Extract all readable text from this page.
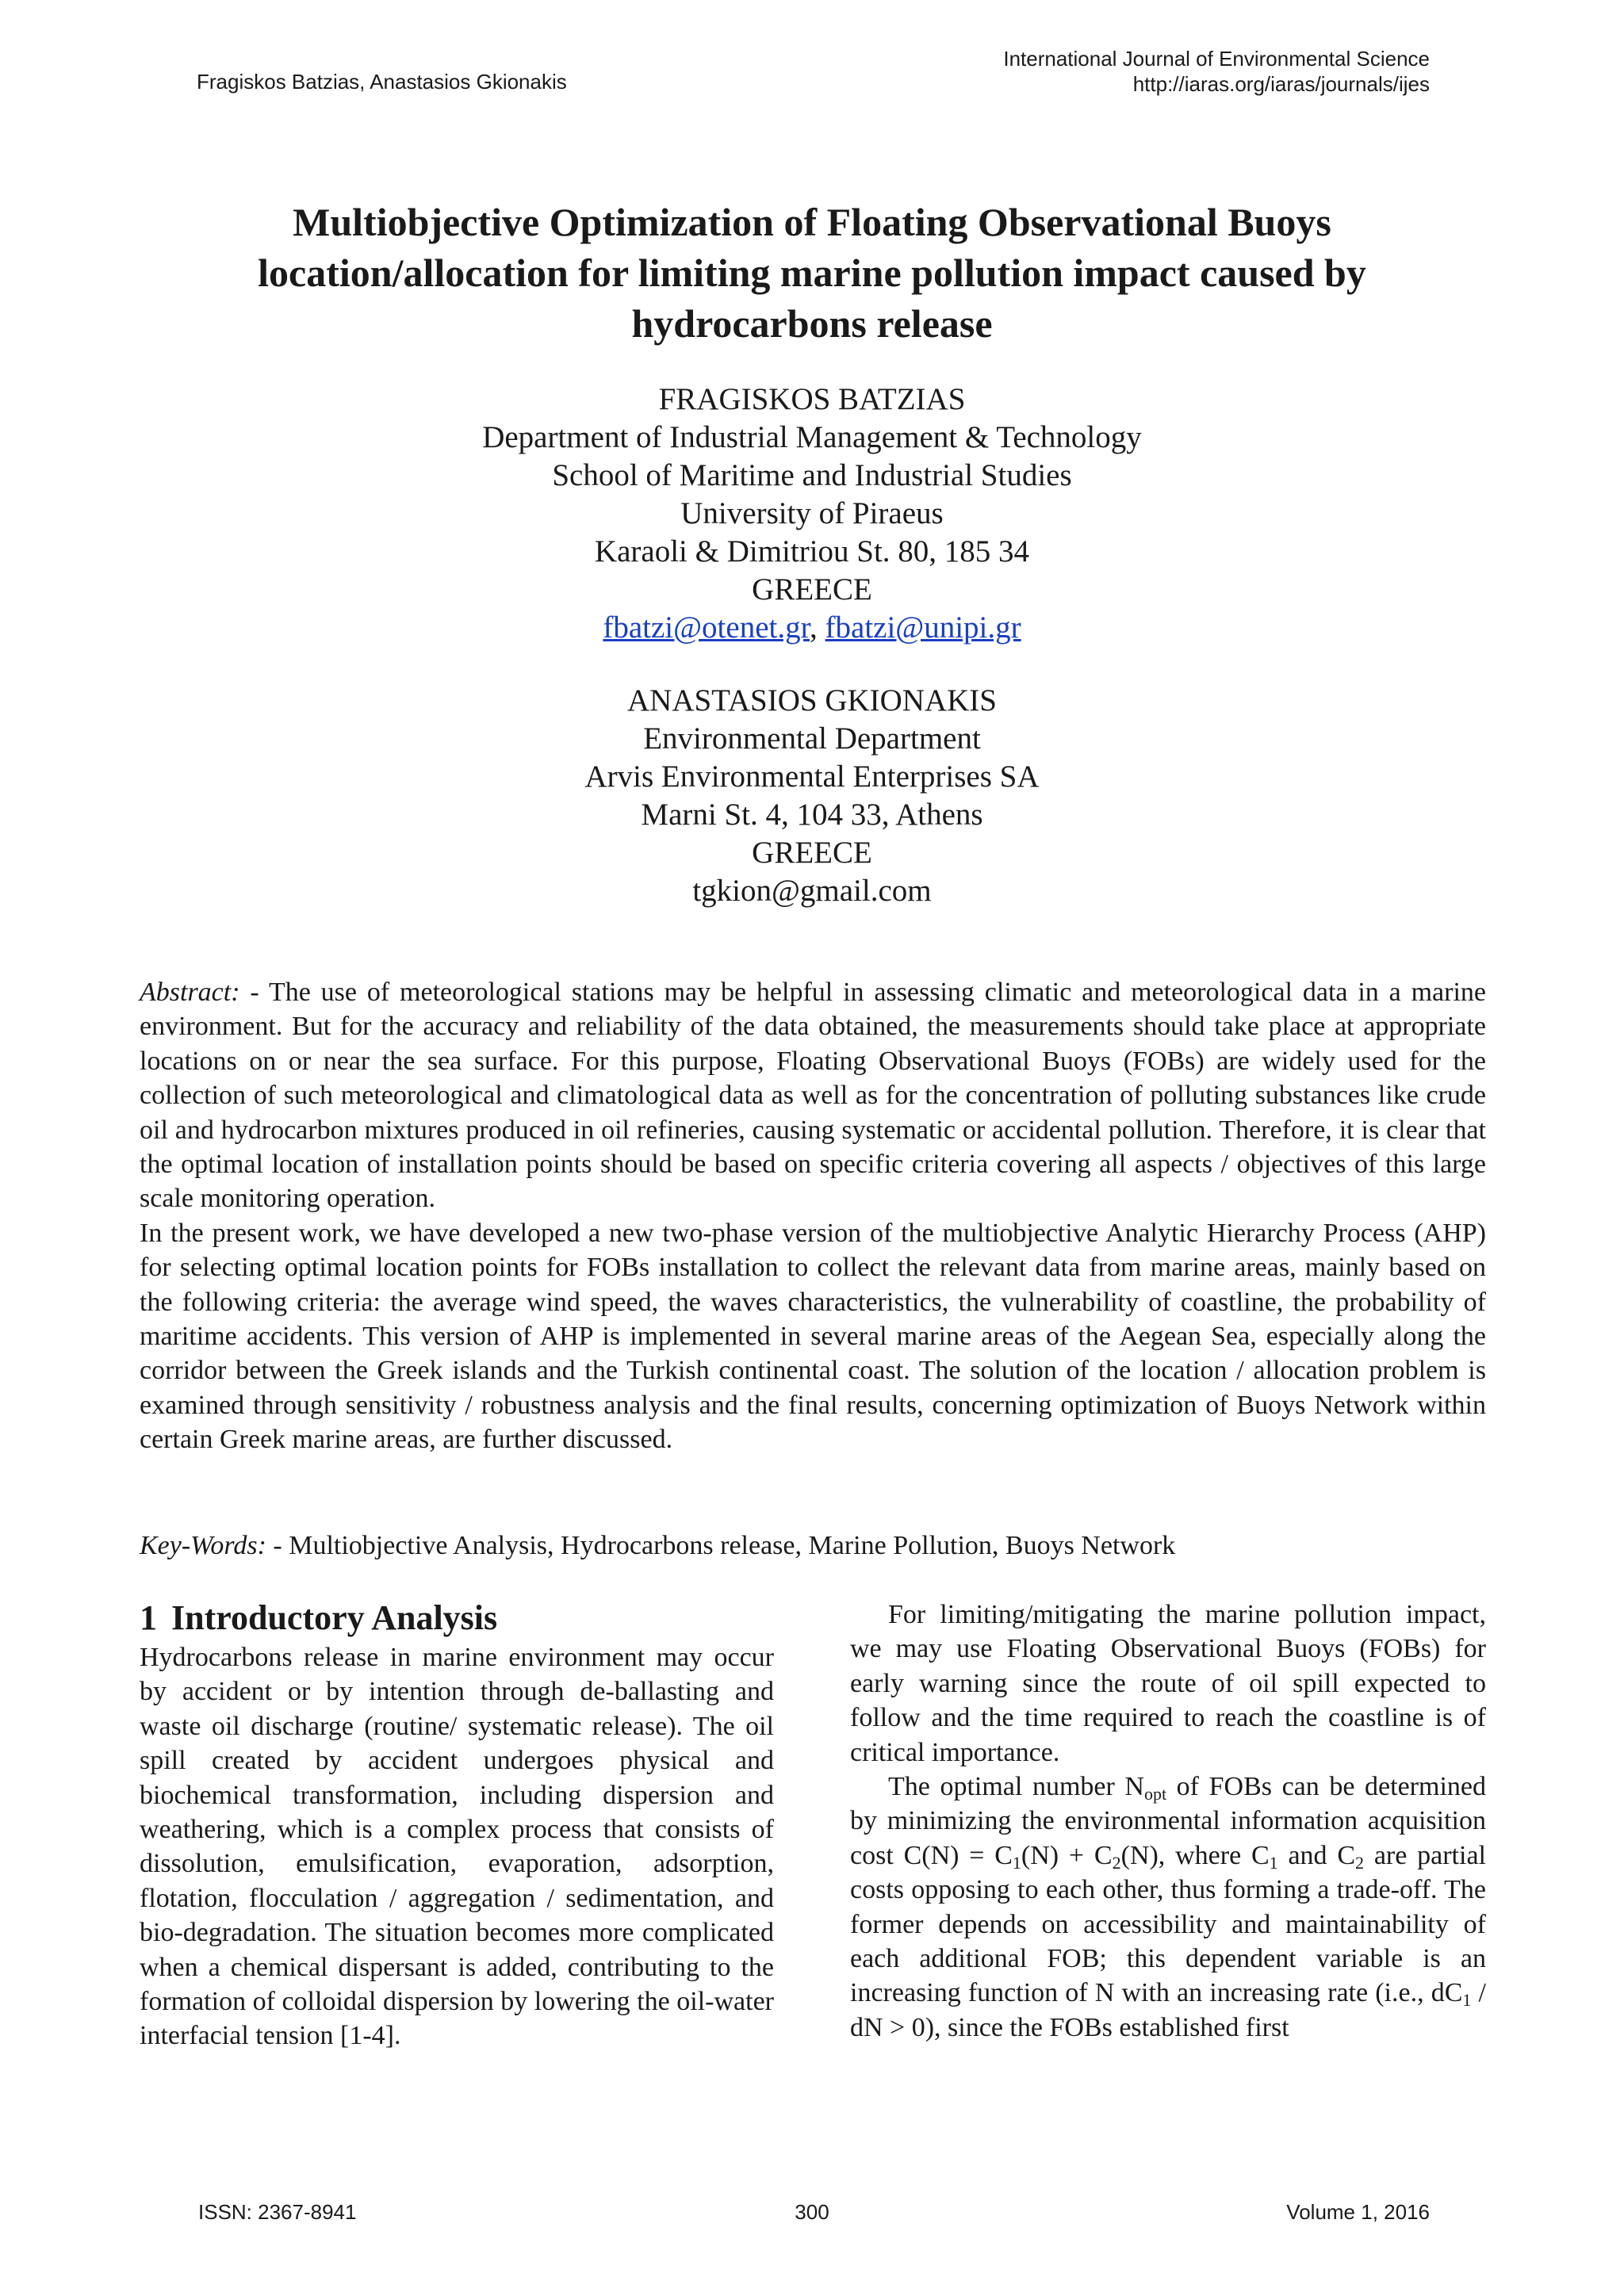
Fragiskos Batzias, Anastasios Gkionakis
International Journal of Environmental Science
http://iaras.org/iaras/journals/ijes
Multiobjective Optimization of Floating Observational Buoys
location/allocation for limiting marine pollution impact caused by
hydrocarbons release
FRAGISKOS BATZIAS
Department of Industrial Management & Technology
School of Maritime and Industrial Studies
University of Piraeus
Karaoli & Dimitriou St. 80, 185 34
GREECE
fbatzi@otenet.gr, fbatzi@unipi.gr
ANASTASIOS GKIONAKIS
Environmental Department
Arvis Environmental Enterprises SA
Marni St. 4, 104 33, Athens
GREECE
tgkion@gmail.com

Abstract: - The use of meteorological stations may be helpful in assessing climatic and meteorological data in a marine environment. But for the accuracy and reliability of the data obtained, the measurements should take place at appropriate locations on or near the sea surface. For this purpose, Floating Observational Buoys (FOBs) are widely used for the collection of such meteorological and climatological data as well as for the concentration of polluting substances like crude oil and hydrocarbon mixtures produced in oil refineries, causing systematic or accidental pollution. Therefore, it is clear that the optimal location of installation points should be based on specific criteria covering all aspects / objectives of this large scale monitoring operation.

In the present work, we have developed a new two-phase version of the multiobjective Analytic Hierarchy Process (AHP) for selecting optimal location points for FOBs installation to collect the relevant data from marine areas, mainly based on the following criteria: the average wind speed, the waves characteristics, the vulnerability of coastline, the probability of maritime accidents. This version of AHP is implemented in several marine areas of the Aegean Sea, especially along the corridor between the Greek islands and the Turkish continental coast. The solution of the location / allocation problem is examined through sensitivity / robustness analysis and the final results, concerning optimization of Buoys Network within certain Greek marine areas, are further discussed.

Key-Words: - Multiobjective Analysis, Hydrocarbons release, Marine Pollution, Buoys Network
1 Introductory Analysis

Hydrocarbons release in marine environment may occur by accident or by intention through de-ballasting and waste oil discharge (routine/ systematic release). The oil spill created by accident undergoes physical and biochemical transformation, including dispersion and weathering, which is a complex process that consists of dissolution, emulsification, evaporation, adsorption, flotation, flocculation / aggregation / sedimentation, and bio-degradation. The situation becomes more complicated when a chemical dispersant is added, contributing to the formation of colloidal dispersion by lowering the oil-water interfacial tension [1-4].

For limiting/mitigating the marine pollution impact, we may use Floating Observational Buoys (FOBs) for early warning since the route of oil spill expected to follow and the time required to reach the coastline is of critical importance.

The optimal number $N_{opt}$ of FOBs can be determined by minimizing the environmental information acquisition cost $C(N) = C_1(N) + C_2(N)$, where $C_1$ and $C_2$ are partial costs opposing to each other, thus forming a trade-off. The former depends on accessibility and maintainability of each additional FOB; this dependent variable is an increasing function of N with an increasing rate (i.e., $dC_1$ / dN > 0), since the FOBs established first

ISSN: 2367-8941	300	Volume 1, 2016
